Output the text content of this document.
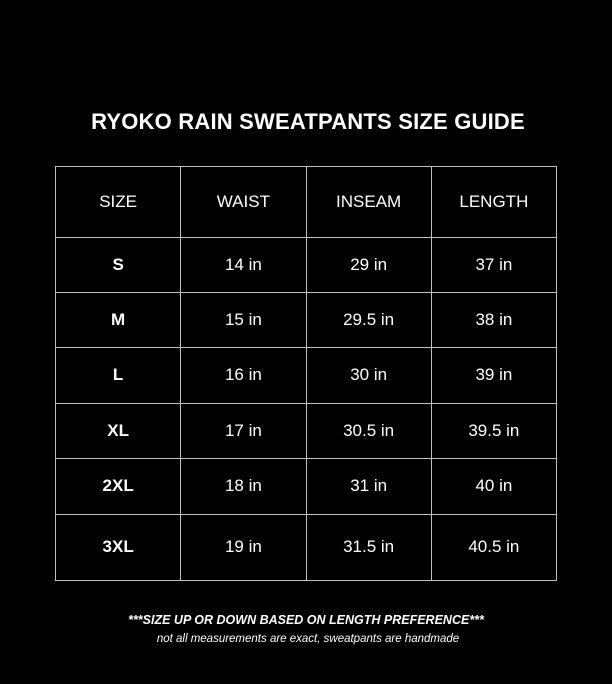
RYOKO RAIN SWEATPANTS SIZE GUIDE
SIZE	WAIST	INSEAM	LENGTH
S	14 in	29 in	37 in
M	15 in	29.5 in	38 in
L	16 in	30 in	39 in
XL	17 in	30.5 in	39.5 in
2XL	18 in	31 in	40 in
3XL	19 in	31.5 in	40.5 in
***SIZE UP OR DOWN BASED ON LENGTH PREFERENCE***
not all measurements are exact, sweatpants are handmade
